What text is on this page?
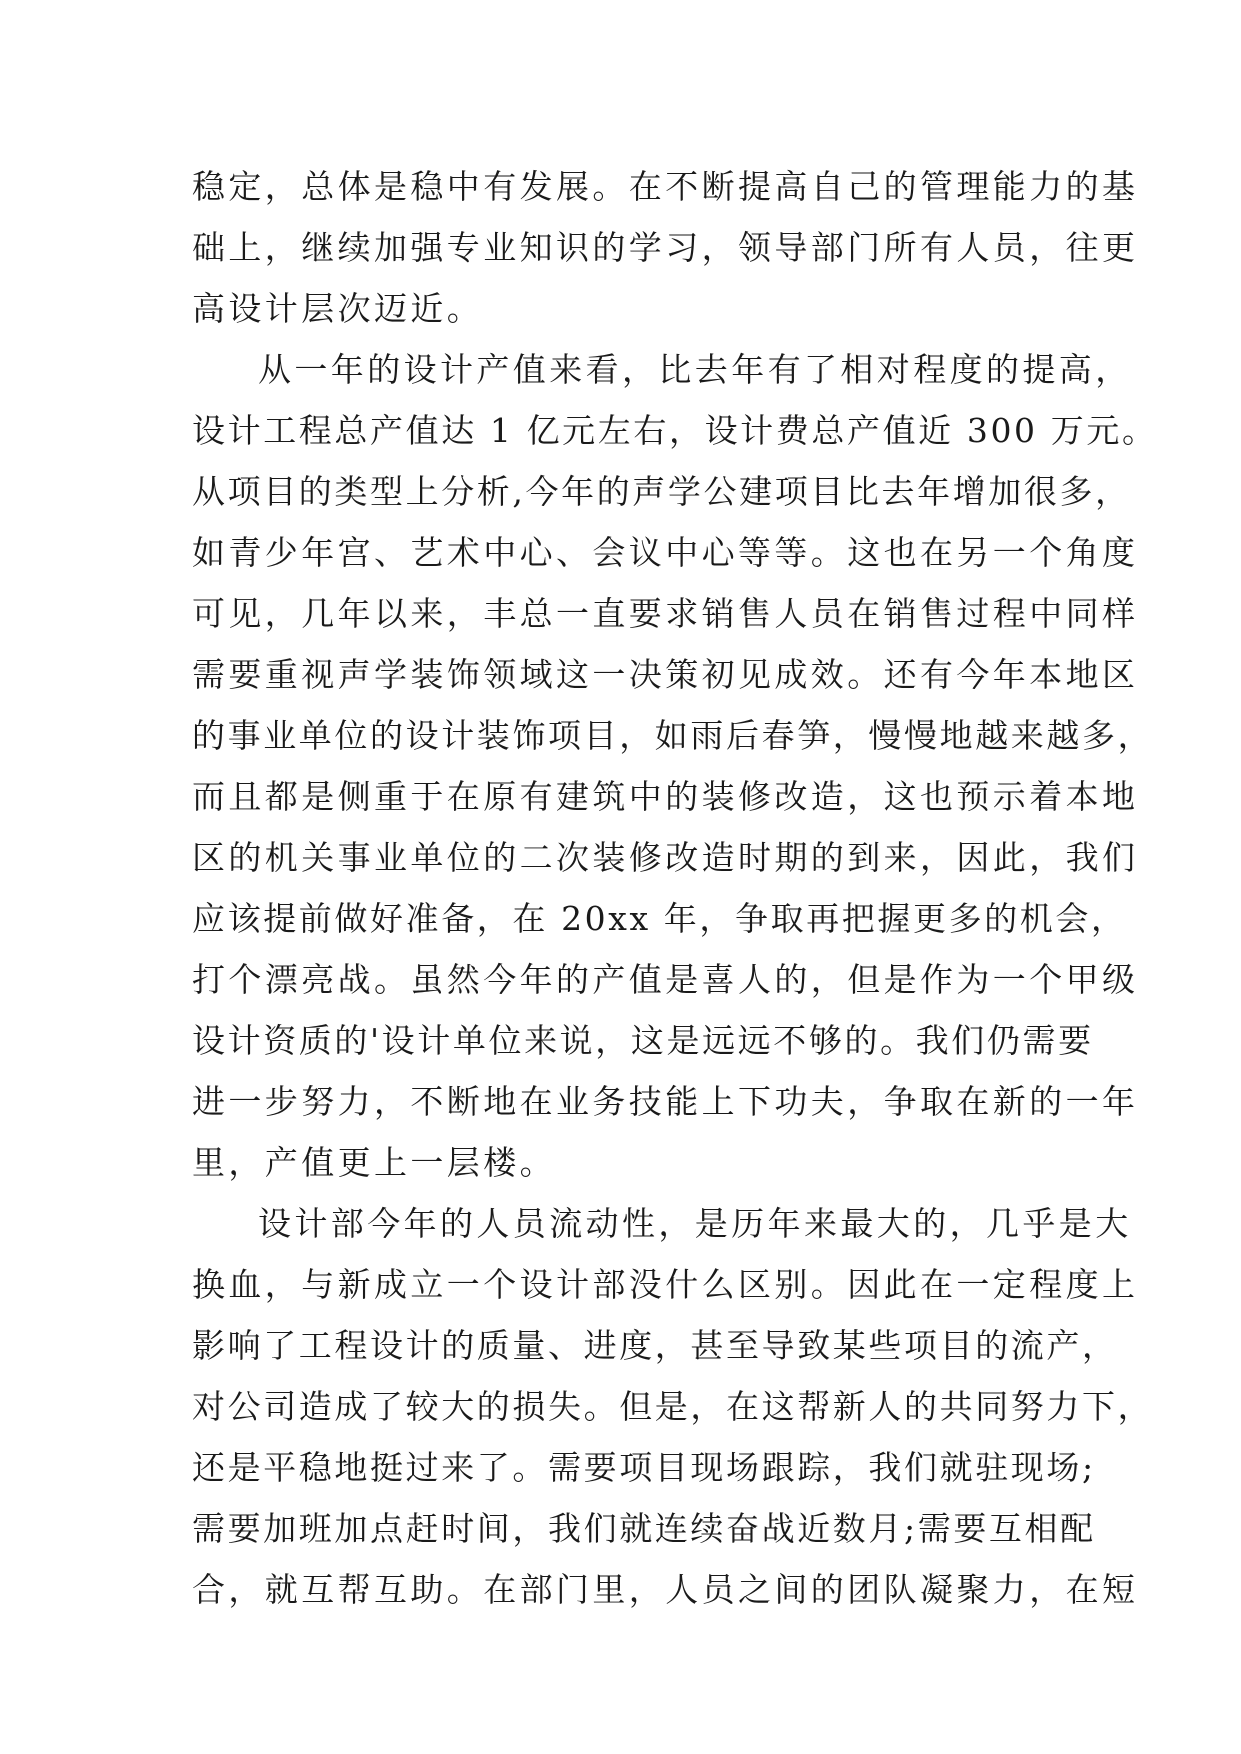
稳定，总体是稳中有发展。在不断提高自己的管理能力的基
础上，继续加强专业知识的学习，领导部门所有人员，往更
高设计层次迈近。
从一年的设计产值来看，比去年有了相对程度的提高，
设计工程总产值达 1 亿元左右，设计费总产值近 300 万元。
从项目的类型上分析,今年的声学公建项目比去年增加很多，
如青少年宫、艺术中心、会议中心等等。这也在另一个角度
可见，几年以来，丰总一直要求销售人员在销售过程中同样
需要重视声学装饰领域这一决策初见成效。还有今年本地区
的事业单位的设计装饰项目，如雨后春笋，慢慢地越来越多，
而且都是侧重于在原有建筑中的装修改造，这也预示着本地
区的机关事业单位的二次装修改造时期的到来，因此，我们
应该提前做好准备，在 20xx 年，争取再把握更多的机会，
打个漂亮战。虽然今年的产值是喜人的，但是作为一个甲级
设计资质的'设计单位来说，这是远远不够的。我们仍需要
进一步努力，不断地在业务技能上下功夫，争取在新的一年
里，产值更上一层楼。
设计部今年的人员流动性，是历年来最大的，几乎是大
换血，与新成立一个设计部没什么区别。因此在一定程度上
影响了工程设计的质量、进度，甚至导致某些项目的流产，
对公司造成了较大的损失。但是，在这帮新人的共同努力下，
还是平稳地挺过来了。需要项目现场跟踪，我们就驻现场;
需要加班加点赶时间，我们就连续奋战近数月;需要互相配
合，就互帮互助。在部门里，人员之间的团队凝聚力，在短
